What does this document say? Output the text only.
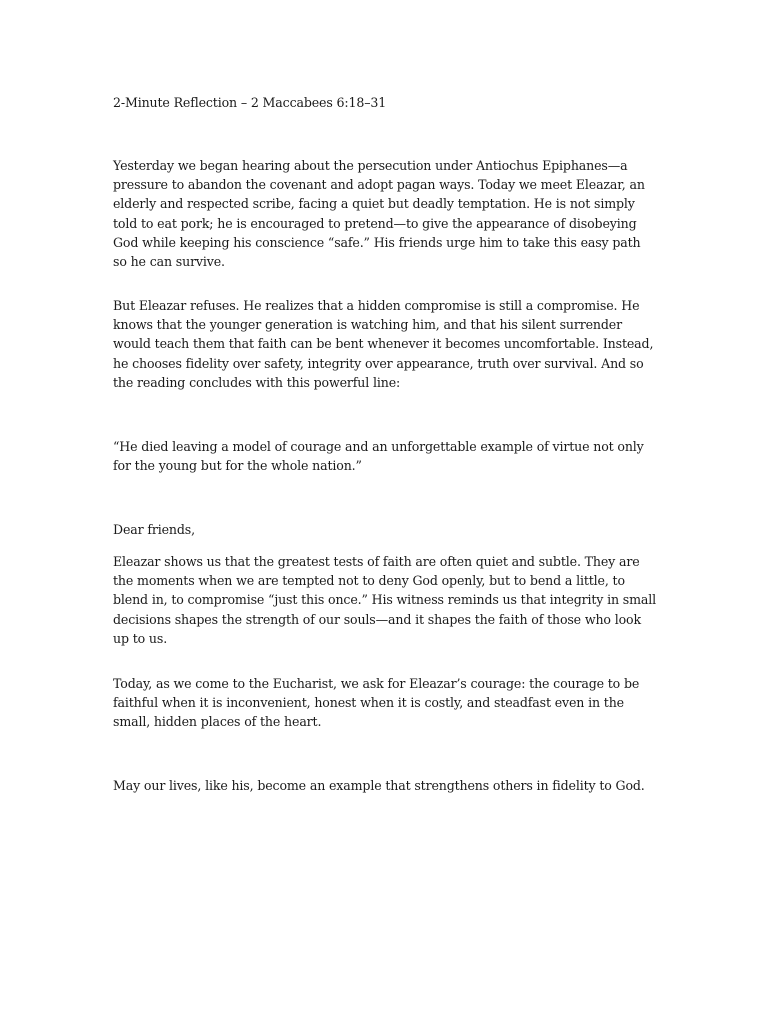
2-Minute Reflection – 2 Maccabees 6:18–31

Yesterday we began hearing about the persecution under Antiochus Epiphanes—a pressure to abandon the covenant and adopt pagan ways. Today we meet Eleazar, an elderly and respected scribe, facing a quiet but deadly temptation. He is not simply told to eat pork; he is encouraged to pretend—to give the appearance of disobeying God while keeping his conscience “safe.” His friends urge him to take this easy path so he can survive.

But Eleazar refuses. He realizes that a hidden compromise is still a compromise. He knows that the younger generation is watching him, and that his silent surrender would teach them that faith can be bent whenever it becomes uncomfortable. Instead, he chooses fidelity over safety, integrity over appearance, truth over survival. And so the reading concludes with this powerful line:

“He died leaving a model of courage and an unforgettable example of virtue not only for the young but for the whole nation.”

Dear friends,

Eleazar shows us that the greatest tests of faith are often quiet and subtle. They are the moments when we are tempted not to deny God openly, but to bend a little, to blend in, to compromise “just this once.” His witness reminds us that integrity in small decisions shapes the strength of our souls—and it shapes the faith of those who look up to us.

Today, as we come to the Eucharist, we ask for Eleazar’s courage: the courage to be faithful when it is inconvenient, honest when it is costly, and steadfast even in the small, hidden places of the heart.

May our lives, like his, become an example that strengthens others in fidelity to God.
